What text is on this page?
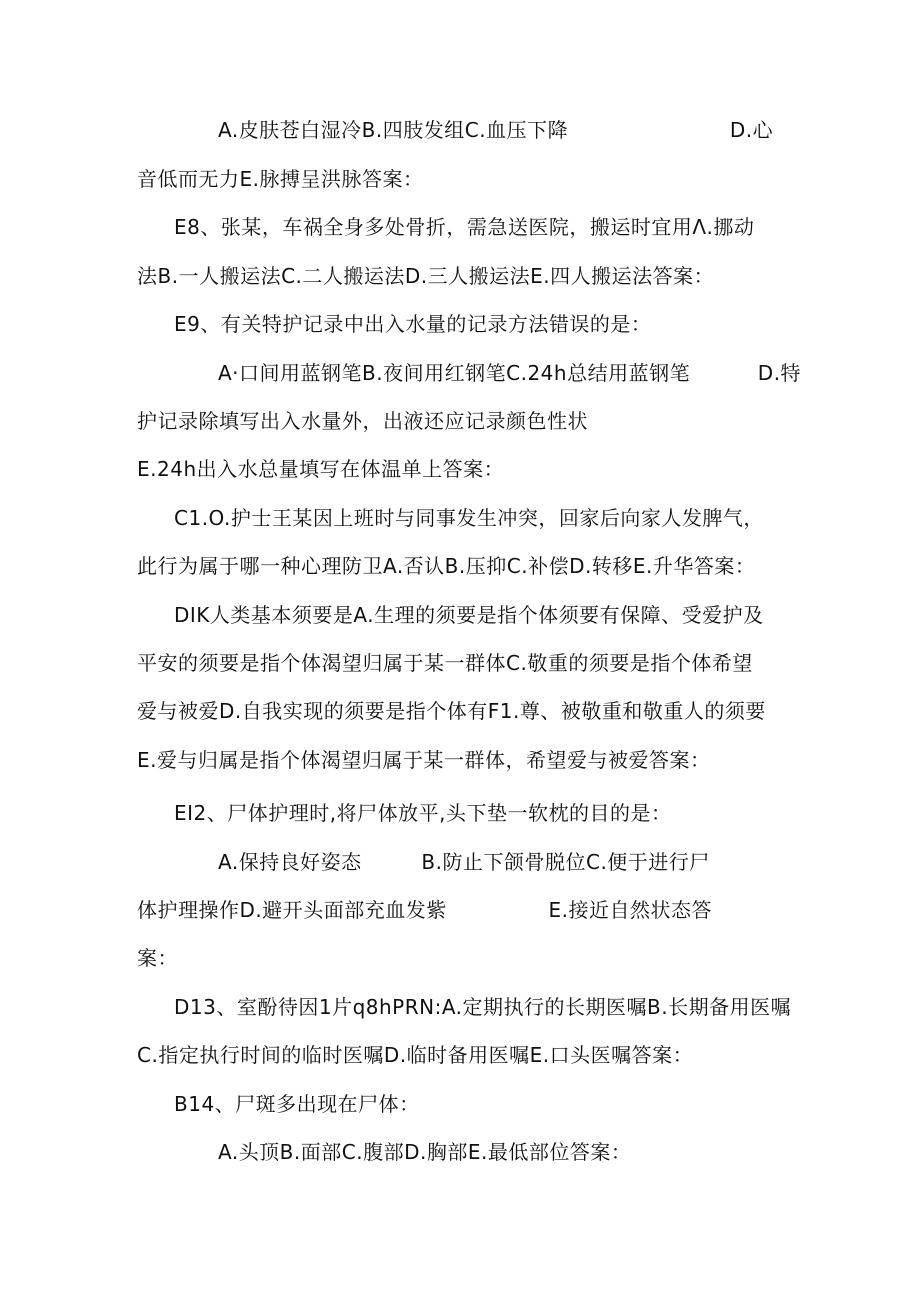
A.皮肤苍白湿冷B.四肢发组C.血压下降	D.心
音低而无力E.脉搏呈洪脉答案：
E8、张某，车祸全身多处骨折，需急送医院，搬运时宜用Λ.挪动
法B.一人搬运法C.二人搬运法D.三人搬运法E.四人搬运法答案：
E9、有关特护记录中出入水量的记录方法错误的是：
A·口间用蓝钢笔B.夜间用红钢笔C.24h总结用蓝钢笔	D.特
护记录除填写出入水量外，出液还应记录颜色性状
E.24h出入水总量填写在体温单上答案：
C1.O.护士王某因上班时与同事发生冲突，回家后向家人发脾气，
此行为属于哪一种心理防卫A.否认B.压抑C.补偿D.转移E.升华答案：
DIK人类基本须要是A.生理的须要是指个体须要有保障、受爱护及
平安的须要是指个体渴望归属于某一群体C.敬重的须要是指个体希望
爱与被爱D.自我实现的须要是指个体有F1.尊、被敬重和敬重人的须要
E.爱与归属是指个体渴望归属于某一群体，希望爱与被爱答案：
EI2、尸体护理时,将尸体放平,头下垫一软枕的目的是：
A.保持良好姿态	B.防止下颌骨脱位C.便于进行尸
体护理操作D.避开头面部充血发紫	E.接近自然状态答
案：
D13、室酚待因1片q8hPRN:A.定期执行的长期医嘱B.长期备用医嘱
C.指定执行时间的临时医嘱D.临时备用医嘱E.口头医嘱答案：
B14、尸斑多出现在尸体：
A.头顶B.面部C.腹部D.胸部E.最低部位答案：
